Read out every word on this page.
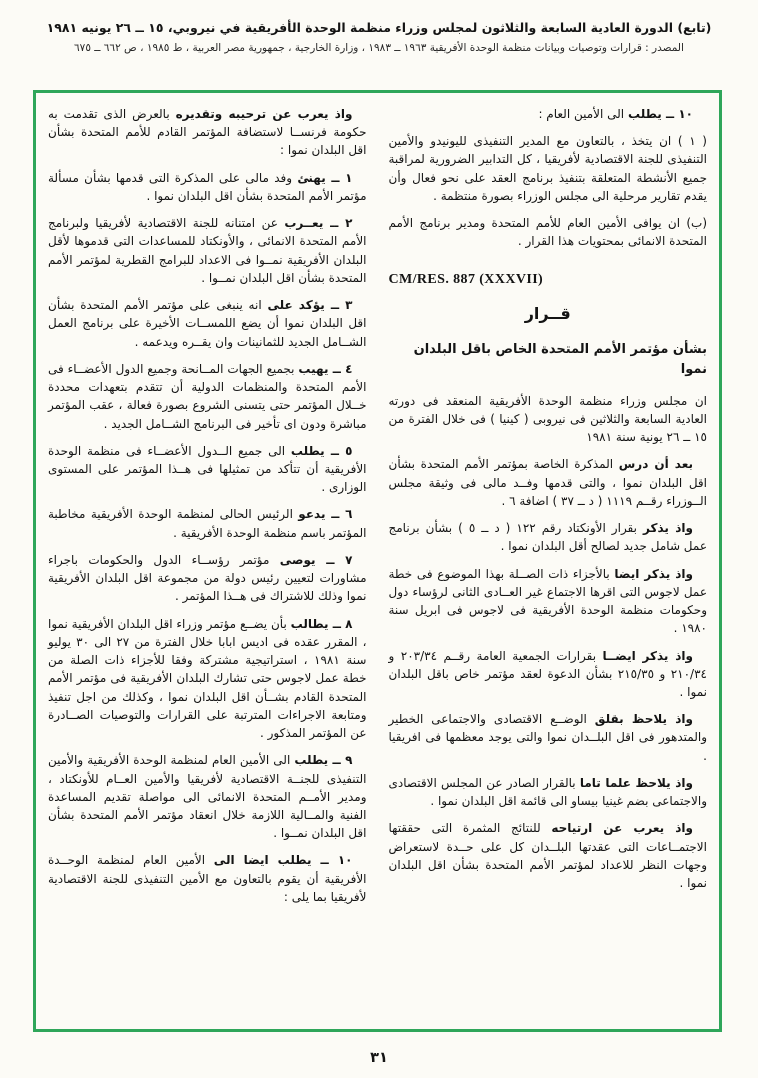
(تابع) الدورة العادية السابعة والثلاثون لمجلس وزراء منظمة الوحدة الأفريقية في نيروبي، ١٥ ــ ٢٦ يونيه ١٩٨١
المصدر : قرارات وتوصيات وبيانات منظمة الوحدة الأفريقية ١٩٦٣ ــ ١٩٨٣ ، وزارة الخارجية ، جمهورية مصر العربية ، ط ١٩٨٥ ، ص ٦٦٢ ــ ٦٧٥

١٠ ــ يطلب الى الأمين العام :

( ١ ) ان يتخذ ، بالتعاون مع المدير التنفيذى لليونيدو والأمين التنفيذى للجنة الاقتصادية لأفريقيا ، كل التدابير الضرورية لمراقبة جميع الأنشطة المتعلقة بتنفيذ برنامج العقد على نحو فعال وأن يقدم تقارير مرحلية الى مجلس الوزراء بصورة منتظمة .

(ب) ان يوافى الأمين العام للأمم المتحدة ومدير برنامج الأمم المتحدة الانمائى بمحتويات هذا القرار .

CM/RES. 887 (XXXVII)
قــرار
بشأن مؤتمر الأمم المتحدة الخاص باقل البلدان نموا

ان مجلس وزراء منظمة الوحدة الأفريقية المنعقد فى دورته العادية السابعة والثلاثين فى نيروبى ( كينيا ) فى خلال الفترة من ١٥ ــ ٢٦ يونية سنة ١٩٨١

بعد أن درس المذكرة الخاصة بمؤتمر الأمم المتحدة بشأن اقل البلدان نموا ، والتى قدمها وفــد مالى فى وثيقة مجلس الــوزراء رقــم ١١١٩ ( د ــ ٣٧ ) اضافة ٦ .

واذ يذكر بقرار الأونكتاد رقم ١٢٢ ( د ــ ٥ ) بشأن برنامج عمل شامل جديد لصالح أقل البلدان نموا .

واذ يذكر ايضا بالأجزاء ذات الصــلة بهذا الموضوع فى خطة عمل لاجوس التى اقرها الاجتماع غير العــادى الثانى لرؤساء دول وحكومات منظمة الوحدة الأفريقية فى لاجوس فى ابريل سنة ١٩٨٠ .

واذ يذكر ايضــا بقرارات الجمعية العامة رقــم ٢٠٣/٣٤ و ٢١٠/٣٤ و ٢١٥/٣٥ بشأن الدعوة لعقد مؤتمر خاص باقل البلدان نموا .

واذ يلاحظ بقلق الوضــع الاقتصادى والاجتماعى الخطير والمتدهور فى اقل البلــدان نموا والتى يوجد معظمها فى افريقيا .

واذ يلاحظ علما تاما بالقرار الصادر عن المجلس الاقتصادى والاجتماعى بضم غينيا بيساو الى قائمة اقل البلدان نموا .

واذ يعرب عن ارتياحه للنتائج المثمرة التى حققتها الاجتمــاعات التى عقدتها البلــدان كل على حــدة لاستعراض وجهات النظر للاعداد لمؤتمر الأمم المتحدة بشأن اقل البلدان نموا .

واذ يعرب عن ترحيبه وتقديره بالعرض الذى تقدمت به حكومة فرنســا لاستضافة المؤتمر القادم للأمم المتحدة بشأن اقل البلدان نموا :

١ ــ يهنئ وفد مالى على المذكرة التى قدمها بشأن مسألة مؤتمر الأمم المتحدة بشأن اقل البلدان نموا .

٢ ــ يعــرب عن امتنانه للجنة الاقتصادية لأفريقيا ولبرنامج الأمم المتحدة الانمائى ، والأونكتاد للمساعدات التى قدموها لأقل البلدان الأفريقية نمــوا فى الاعداد للبرامج القطرية لمؤتمر الأمم المتحدة بشأن اقل البلدان نمــوا .

٣ ــ يؤكد على انه ينبغى على مؤتمر الأمم المتحدة بشأن اقل البلدان نموا أن يضع اللمســات الأخيرة على برنامج العمل الشــامل الجديد للثمانينات وان يقــره ويدعمه .

٤ ــ يهيب بجميع الجهات المــانحة وجميع الدول الأعضــاء فى الأمم المتحدة والمنظمات الدولية أن تتقدم بتعهدات محددة خــلال المؤتمر حتى يتسنى الشروع بصورة فعالة ، عقب المؤتمر مباشرة ودون اى تأخير فى البرنامج الشــامل الجديد .

٥ ــ يطلب الى جميع الــدول الأعضــاء فى منظمة الوحدة الأفريقية أن تتأكد من تمثيلها فى هــذا المؤتمر على المستوى الوزارى .

٦ ــ يدعو الرئيس الحالى لمنظمة الوحدة الأفريقية مخاطبة المؤتمر باسم منظمة الوحدة الأفريقية .

٧ ــ يوصى مؤتمر رؤســاء الدول والحكومات باجراء مشاورات لتعيين رئيس دولة من مجموعة اقل البلدان الأفريقية نموا وذلك للاشتراك فى هــذا المؤتمر .

٨ ــ يطالب بأن يضــع مؤتمر وزراء اقل البلدان الأفريقية نموا ، المقرر عقده فى اديس ابابا خلال الفترة من ٢٧ الى ٣٠ يوليو سنة ١٩٨١ ، استراتيجية مشتركة وفقا للأجزاء ذات الصلة من خطة عمل لاجوس حتى تشارك البلدان الأفريقية فى مؤتمر الأمم المتحدة القادم بشــأن اقل البلدان نموا ، وكذلك من اجل تنفيذ ومتابعة الاجراءات المترتبة على القرارات والتوصيات الصــادرة عن المؤتمر المذكور .

٩ ــ يطلب الى الأمين العام لمنظمة الوحدة الأفريقية والأمين التنفيذى للجنــة الاقتصادية لأفريقيا والأمين العــام للأونكتاد ، ومدير الأمــم المتحدة الانمائى الى مواصلة تقديم المساعدة الفنية والمــالية اللازمة خلال انعقاد مؤتمر الأمم المتحدة بشأن اقل البلدان نمــوا .

١٠ ــ يطلب ايضا الى الأمين العام لمنظمة الوحــدة الأفريقية أن يقوم بالتعاون مع الأمين التنفيذى للجنة الاقتصادية لأفريقيا بما يلى :

٣١
